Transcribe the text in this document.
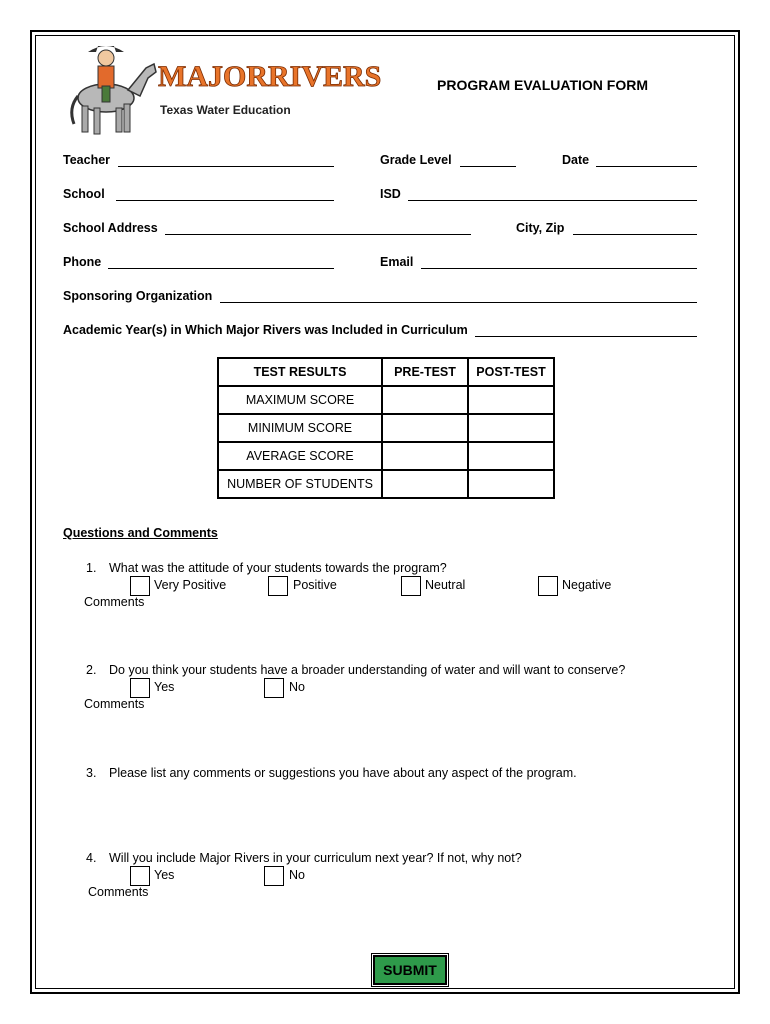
MAJORRIVERS
Texas Water Education
PROGRAM EVALUATION FORM
Teacher	Grade Level	Date
School	ISD
School Address	City, Zip
Phone	Email
Sponsoring Organization
Academic Year(s) in Which Major Rivers was Included in Curriculum
TEST RESULTS	PRE-TEST	POST-TEST
MAXIMUM SCORE		
MINIMUM SCORE		
AVERAGE SCORE		
NUMBER OF STUDENTS		
Questions and Comments
1. What was the attitude of your students towards the program?
Very Positive	Positive	Neutral	Negative
Comments
2. Do you think your students have a broader understanding of water and will want to conserve?
Yes	No
Comments
3. Please list any comments or suggestions you have about any aspect of the program.
4. Will you include Major Rivers in your curriculum next year? If not, why not?
Yes	No
Comments
SUBMIT
